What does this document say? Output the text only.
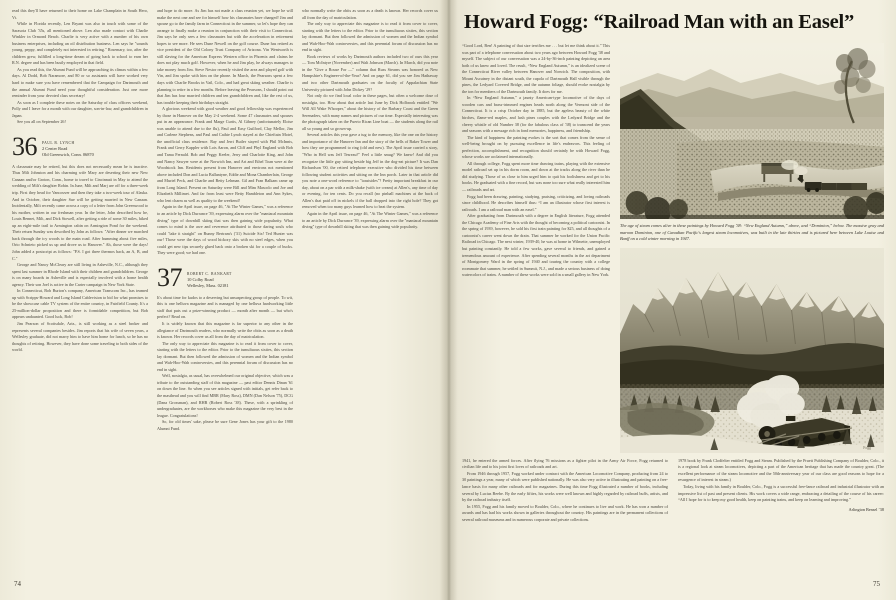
read this they'll have returned to their home on Lake Champlain in South Hero, Vt.

While in Florida recently, Len Bryant was also in touch with some of the Sarasota Club '35s, all mentioned above. Len also made contact with Charlie Winkler in Ormond Beach. Charlie is very active with a number of his own business enterprises, including an oil distribution business. Len says he "sounds young, peppy, and completely not interested in retiring." Rosemary, too, after the children grew, fulfilled a long-time dream of going back to school to earn her R.N. degree and has been busily employed in that field.

As you read this, the Alumni Fund will be approaching its climax within a few days. Al Dodd, Bob Naramore, and 80 or so assistants will have worked very hard to make sure you have remembered that the Campaign for Dartmouth and the annual Alumni Fund need your thoughtful consideration. Just one more reminder from your devoted class secretary!

As soon as I complete these notes on the Saturday of class officers weekend, Polly and I leave for a month with our daughter, son-in-law, and grandchildren in Japan.

See you all on September 26!

36 PAUL B. LYNCH
2 Center Road
Old Greenwich, Conn. 06870

A classmate may be retired, but this does not necessarily mean he is inactive. Thus Milt Johnston and his charming wife Mary are deserting their new New Canaan and/or Groton, Conn., home to travel to Cincinnati in May to attend the wedding of Milt's daughter Robin. In June, Milt and Marj are off for a three-week trip. First they head for Vancouver and then they take a two-week tour of Alaska. And in October, their daughter Sue will be getting married in New Canaan. Incidentally, Milt recently came across a copy of a letter from John Greenwood to his mother, written in our freshman year. In the letter, John described how he, Louis Bennet, Milt, and Dick Stowell, after getting a ride of some 30 miles, hiked up an eight-mile trail to Armington cabin on Armington Pond for the weekend. Their return Sunday was described by John as follows: "After dinner we marched back through the icy woods to the main road. After bumming about five miles, Orio Schnieto picked us up and drove us to Hanover." Ah, those were the days! John added a postscript as follows: "P.S. I got three thermos back, an A, B, and C."

George and Nancy McCleary are still living in Asheville, N.C., although they spent last summer in Rhode Island with their children and grandchildren. George is on many boards in Asheville and is especially involved with a home health agency. Their son Joel is active in the Carter campaign in New York State.

In Connecticut, Bob Burton's company, American Transcom Inc., has teamed up with Scripps-Howard and Long Island Cablevision to bid for what promises to be the showcase cable TV system of the entire country, in Fairfield County. It's a 25-million-dollar proposition and there is formidable competition, but Bob appears undaunted. Good luck, Bob!

Jim Pearson of Scottsdale, Ariz., is still working as a steel broker and represents several companies besides. Jim reports that his wife of seven years, a Wellesley graduate, did not marry him to have him home for lunch, so he has no thoughts of retiring. However, they have done some traveling to both sides of the world.

and hope to do more. As Jim has not made a class reunion yet, we hope he will make the next one and see for himself how his classmates have changed! Jim and spouse go to the family farm in Connecticut in the summer, so let's hope they can arrange to finally make a reunion in conjunction with their visit to Connecticut. Jim says he only sees a few classmates but with the acceleration in retirement hopes to see more. He sees Dune Newell on the golf course. Dune has retired as vice president of the Old Colony Trust Company of Arizona. Vin Wentworth is still slaving for the American Express Western office in Phoenix and claims he does not play much golf. However, when he and Jim play, he always manages to take money from Jim. Steve Nestor recently visited the area and played golf with Vin, and Jim spoke with him on the phone. In March, the Pearsons spent a few days with Charlie Brooks in Vail, Colo., and had great skiing weather. Charlie is planning to retire in a few months. Before leaving the Pearsons, I should point out that Jim has four married children and ten grandchildren and, like the rest of us, has trouble keeping their birthdays straight.

A glorious weekend with good weather and good fellowship was experienced by those in Hanover on the May 2-4 weekend. Some 47 classmates and spouses put in an appearance. Frank and Marge Curtis, Al Gibney (unfortunately Eloise was unable to attend due to the flu), Paul and Easy Guilford, Clay Mellor, Jim and Carlene Stephens, and Paul and Cathie Lynch stayed at the Chieftain Motel, the unofficial class residence. Ray and Jerri Butler stayed with Phil McInnis, Frank and Gerry Kappler with Lois Aaron, and Cliff and Phyl England with Bob and Tama Fernald. Bob and Peggy Keeler, Jerry and Charlotte King, and John and Nancy Sawyer were at the Norwich Inn, and Art and Ethel Toan were at the Woodstock Inn. Residents present from Hanover and environs not mentioned above included Don and Lucia Ballantyne, Eddie and Mona Chamberlain, George and Muriel Peck, and Charlie and Betty Lehman. Gil and Fran Balkam came up from Long Island. Present on Saturday were Bill and Mim Mascolo and Joe and Elizabeth Millimet. And far from least were Betty Hambleton and Ann Sykes, who lent charm as well as quality to the weekend!

Again in the April issue, on page 46, "At The Winter Games," was a reference to an article by Dick Durrance '39, expressing alarm over the "maniacal mountain diving" type of downhill skiing that was then gaining wide popularity. What comes to mind is the awe and reverence attributed to those daring souls who could "take it straight" on Bunny Bertram's ('31) Suicide Six! Ted Hunter was our! Those were the days of wood hickory skis with no steel edges, when you could get new tips securely glued back onto a broken ski for a couple of bucks. They were good; we had one.

37 ROBERT C. BANKART
10 Colby Road
Wellesley, Mass. 02181

It's about time for kudos to a deserving but unsuspecting group of people. To wit, this is one helluva magazine and is managed by one helluva hardworking little staff that puts out a prize-winning product — month after month — but who's perfect? Read on.

It is widely known that this magazine is far superior to any other in the allegiance of Dartmouth readers, who normally write the obits as soon as a death is known. Her records cover us all from the day of matriculation.

The only way to appreciate this magazine is to read it from cover to cover, starting with the letters to the editor. Prior to the tumultuous sixties, this section lay dormant. But then followed the admission of women and the Indian symbol and Wah-Hoo-Wah controversies, and this perennial forum of discussion has no end in sight.

Well, nostalgia, as usual, has overwhelmed our original objective, which was a tribute to the outstanding staff of this magazine — past editor Dennis Dinan '61 on down the line. So when you see articles signed with initials, get refer back to the masthead and you will find MBR (Mary Ross), DMN (Dan Nelson '75), DCG (Dana Grossman), and RHR (Robert Ross '38). These, with a sprinkling of undergraduates, are the workhorses who make this magazine the very best in the league. Congratulations!

So, for old times' sake, please be sure Gene Jones has your gift to the 1980 Alumni Fund.

who normally write the obits as soon as a death is known. Her records cover us all from the day of matriculation.

The only way to appreciate this magazine is to read it from cover to cover, starting with the letters to the editor. Prior to the tumultuous sixties, this section lay dormant. But then followed the admission of women and the Indian symbol and Wah-Hoo-Wah controversies, and this perennial forum of discussion has no end in sight.

Book reviews of works by Dartmouth authors included two of ours this year — Tom McIntyre (November) and Walt Johnson (March). In March, did you note in the "Give a Rouse For —" column that Russ Stearns was honored as New Hampshire's Engineer-of-the-Year? And on page 61, did you see Jim Hathaway and two other Dartmouth graduates on the faculty of Appalachian State University pictured with John Dickey '29?

Not only do we find local color in these pages, but often a welcome dose of nostalgia, too. How about that article last June by Dick Holbrook entitled "We Will All Wake Whooper," about the history of the Barbary Coast and the Green Serenaders, with many names and pictures of our time. Especially interesting was the photograph taken on the Puerto Rican Line boat — the students along the rail all so young and so grown-up.

Several articles this year gave a tug to the memory, like the one on the history and importance of the Hanover Inn and the story of the bells of Baker Tower and how they are programmed to ring (old and new). The April issue carried a story, "Who in Hell was Jeff Tesreau?" Feel a little smug? We knew! And did you recognize the little guy sitting beside big Jeff in the dog-eat picture? It was Dan Richardson '00, the retired telephone executive who divided his time between following student activities and sitting on the Inn porch. Later in that article did you note a one-word reference to "toastsides"? Pretty important breakfast in our day, about on a par with a milk-shake (with ice cream) at Allen's, any time of day or evening, for ten cents. Do you recall (no pinball machines at the back of Allen's that paid off in nickels if the ball dropped into the right hole? They got removed when too many guys learned how to beat the system.

Again in the April issue, on page 46, "At The Winter Games," was a reference to an article by Dick Durrance '39, expressing alarm over the "maniacal mountain diving" type of downhill skiing that was then gaining wide popularity.

74
Howard Fogg: “Railroad Man with an Easel”

“Good Lord, Ben! A painting of that size terrifies me . . . but let me think about it.” This was part of a telephone conversation about two years ago between Howard Fogg '38 and myself. The subject of our conversation was a 24-by-36-inch painting depicting an area both of us knew and loved. The result, “New England Autumn,” is an idealized scene of the Connecticut River valley between Hanover and Norwich. The composition, with Mount Ascutney in the distant south, the cupola of Dartmouth Hall visible through the pines, the Ledyard Covered Bridge, and the autumn foliage, should evoke nostalgia by the ton for members of the Dartmouth family. It does for me.

In “New England Autumn,” a jaunty American-type locomotive of the days of wooden cars and brass-trimmed engines heads north along the Vermont side of the Connecticut. It is a crisp October day in 1885, but the ageless beauty of the white birches, flame-red maples, and lush pines couples with the Ledyard Bridge and the cheery whistle of old Number 38 (for the fabulous class of '38) to transcend the years and seasons with a message rich in fond memories, happiness, and friendship.

The kind of happiness the painting evokes is the sort that comes from the sense of well-being brought on by pursuing excellence in life's endeavors. This feeling of perfection, accomplishment, and recognition should certainly be with Howard Fogg, whose works are acclaimed internationally.

All through college, Fogg spent more time drawing trains, playing with the extensive model railroad set up in his dorm room, and down at the tracks along the river than he did studying. Those of us close to him urged him to quit his foolishness and get to his books. He graduated with a fine record, but was none too sure what really interested him — railroads and art.

Fogg had been drawing, painting, studying, praising, criticizing, and loving railroads since childhood. He describes himself thus: “I am an illustrator whose first interest is railroads. I am a railroad man with an easel.”

After graduating from Dartmouth with a degree in English literature, Fogg attended the Chicago Academy of Fine Arts with the thought of becoming a political cartoonist. In the spring of 1939, however, he sold his first train painting for $25, and all thoughts of a cartoonist's career went down the drain. That summer he worked for the Union Pacific Railroad in Chicago. The next winter, 1939-40, he was at home in Wilmette, unemployed but painting constantly. He told a few works, gave several to friends, and gained a tremendous amount of experience. After spending several months in the art department of Montgomery Ward in the spring of 1940 and touring the country with a college roommate that summer, he settled in Summit, N.J., and made a serious business of doing watercolors of trains. A number of these works were sold in a small gallery in New York.

The age of steam comes alive in these paintings by Howard Fogg '38: “New England Autumn,” above, and “Dominion,” below. The massive gray and maroon Dominion, one of Canadian Pacific's largest steam locomotives, was built in the late thirties and is pictured here between Lake Louise and Banff on a cold winter morning in 1947.
Fogg

1941, he entered the armed forces. After flying 76 missions as a fighter pilot in the Army Air Force, Fogg returned to civilian life and to his joint first loves of railroads and art.

From 1946 through 1957, Fogg worked under contract with the American Locomotive Company, producing from 24 to 30 paintings a year, many of which were published nationally. He was also very active in illustrating and painting on a free-lance basis for many other railroads and for magazines. During this time Fogg illustrated a number of books, including several by Lucius Beebe. By the early fifties, his works were well known and highly regarded by railroad buffs, artists, and by the railroad industry itself.

In 1955, Fogg and his family moved to Boulder, Colo., where he continues to live and work. He has won a number of awards and has had his works shown in galleries throughout the country. His paintings are in the permanent collections of several railroad museums and in numerous corporate and private collections.

1978 book by Frank Clodfelter entitled Fogg and Steam. Published by the Pruett Publishing Company of Boulder, Colo., it is a regional look at steam locomotives, depicting a part of the American heritage that has made the country great. (The excellent performance of the steam locomotive and the 50th-anniversary year of our class are good reasons to hope for a resurgence of interest in steam.)

Today, living with his family in Boulder, Colo., Fogg is a successful free-lance railroad and industrial illustrator with an impressive list of past and present clients. His work covers a wide range, embracing a detailing of the course of his career: “All I hope for is to keep my good health, keep on painting trains, and keep on learning and improving.”

Arlington Bensel ’38
75
